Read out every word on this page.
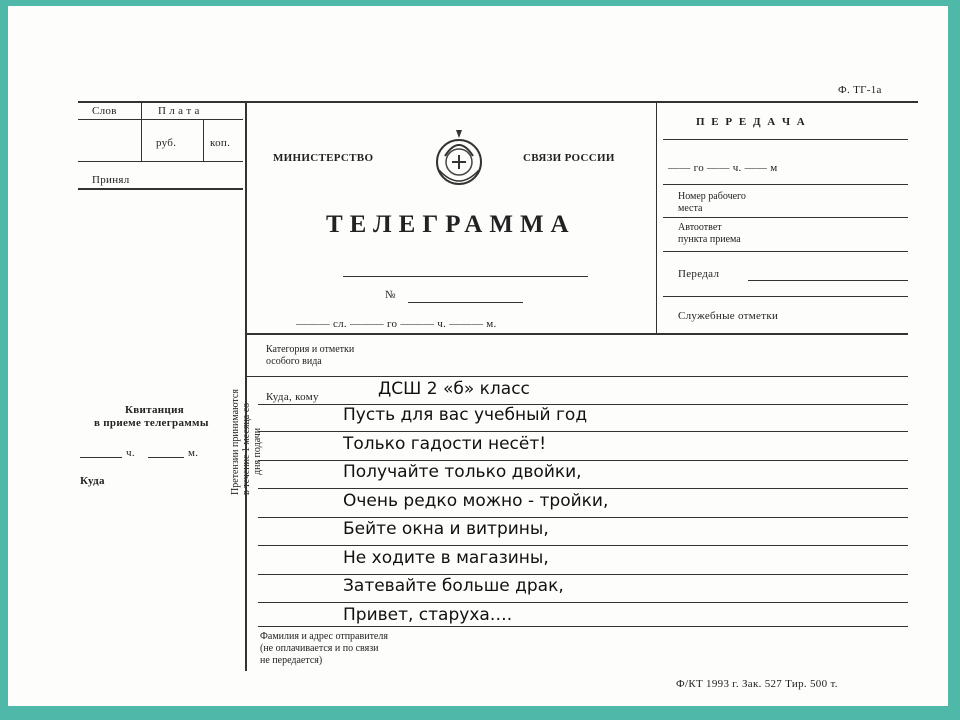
Ф. ТГ-1а
Слов	П л а т а
руб.	коп.
Принял
Квитанция
в приеме телеграммы
ч.	м.
Куда	Претензии принимаются в течение 1 месяца со дня подачи
МИНИСТЕРСТВО	СВЯЗИ РОССИИ
ТЕЛЕГРАММА
№
——— сл. ——— го ——— ч. ——— м.
П Е Р Е Д А Ч А
—— го —— ч. —— м
Номер рабочего
места
Автоответ
пункта приема
Передал
Служебные отметки
Категория и отметки
особого вида
Куда, кому
Фамилия и адрес отправителя
(не оплачивается и по связи
не передается)
Ф/КТ 1993 г. Зак. 527 Тир. 500 т.
ДСШ 2 «б» класс
Пусть для вас учебный год
Только гадости несёт!
Получайте только двойки,
Очень редко можно - тройки,
Бейте окна и витрины,
Не ходите в магазины,
Затевайте больше драк,
Привет, старуха….
